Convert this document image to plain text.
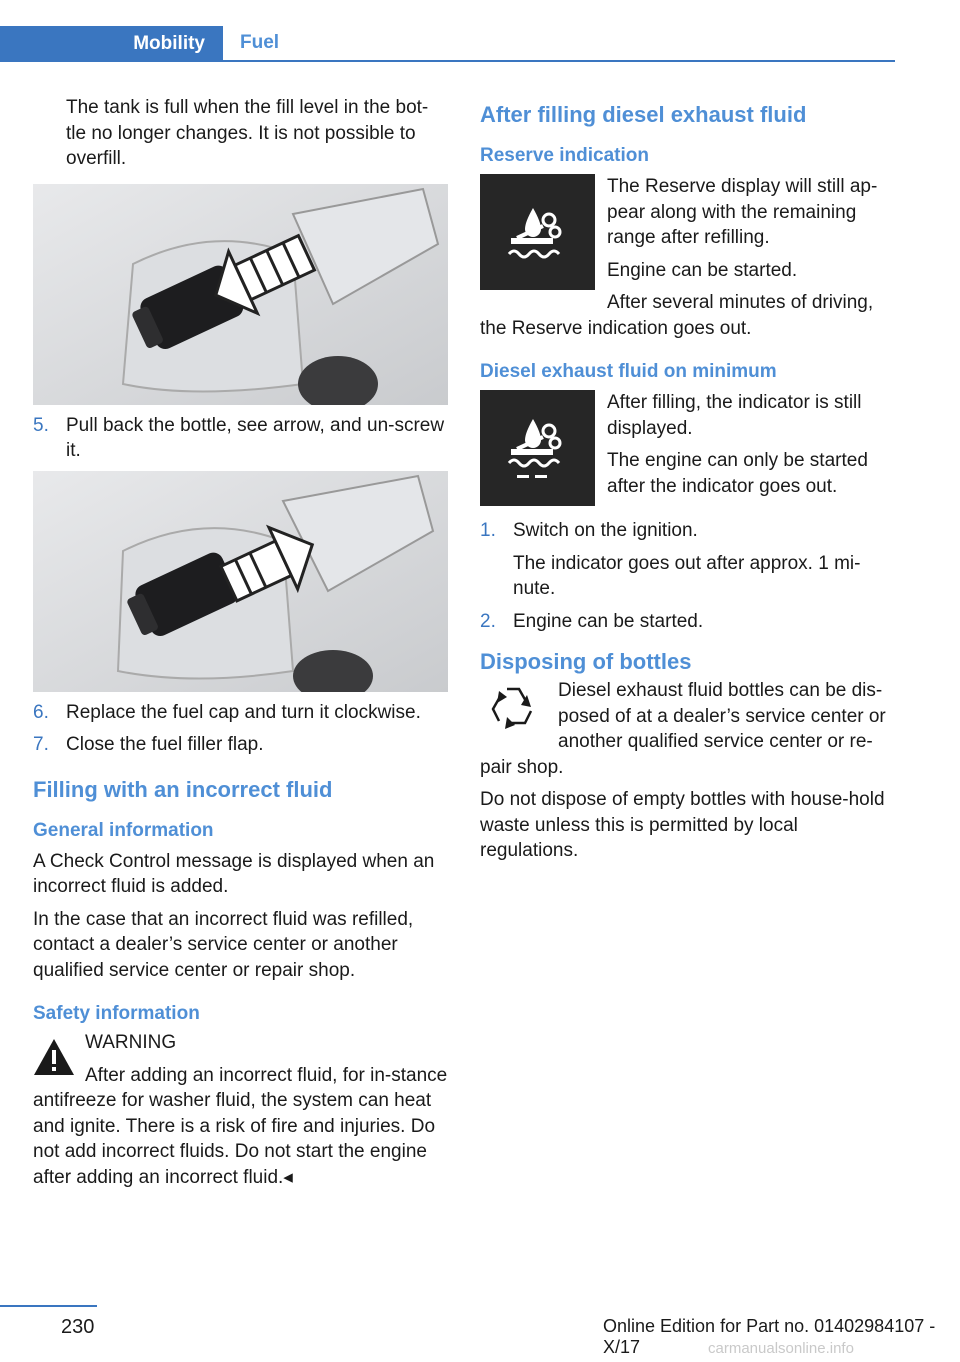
Mobility	Fuel

The tank is full when the fill level in the bot-tle no longer changes. It is not possible to overfill.

5. Pull back the bottle, see arrow, and un-screw it.
6. Replace the fuel cap and turn it clockwise.
7. Close the fuel filler flap.
Filling with an incorrect fluid
General information

A Check Control message is displayed when an incorrect fluid is added.

In the case that an incorrect fluid was refilled, contact a dealer’s service center or another qualified service center or repair shop.

Safety information

WARNING

After adding an incorrect fluid, for in-stance antifreeze for washer fluid, the system can heat and ignite. There is a risk of fire and injuries. Do not add incorrect fluids. Do not start the engine after adding an incorrect fluid.◂

After filling diesel exhaust fluid
Reserve indication

The Reserve display will still ap-pear along with the remaining range after refilling.

Engine can be started.

After several minutes of driving, the Reserve indication goes out.

Diesel exhaust fluid on minimum

After filling, the indicator is still displayed.

The engine can only be started after the indicator goes out.

1. Switch on the ignition.
The indicator goes out after approx. 1 mi-nute.
2. Engine can be started.
Disposing of bottles

Diesel exhaust fluid bottles can be dis-posed of at a dealer’s service center or another qualified service center or re-pair shop.

Do not dispose of empty bottles with house-hold waste unless this is permitted by local regulations.

230	Online Edition for Part no. 01402984107 - X/17	carmanualsonline.info
